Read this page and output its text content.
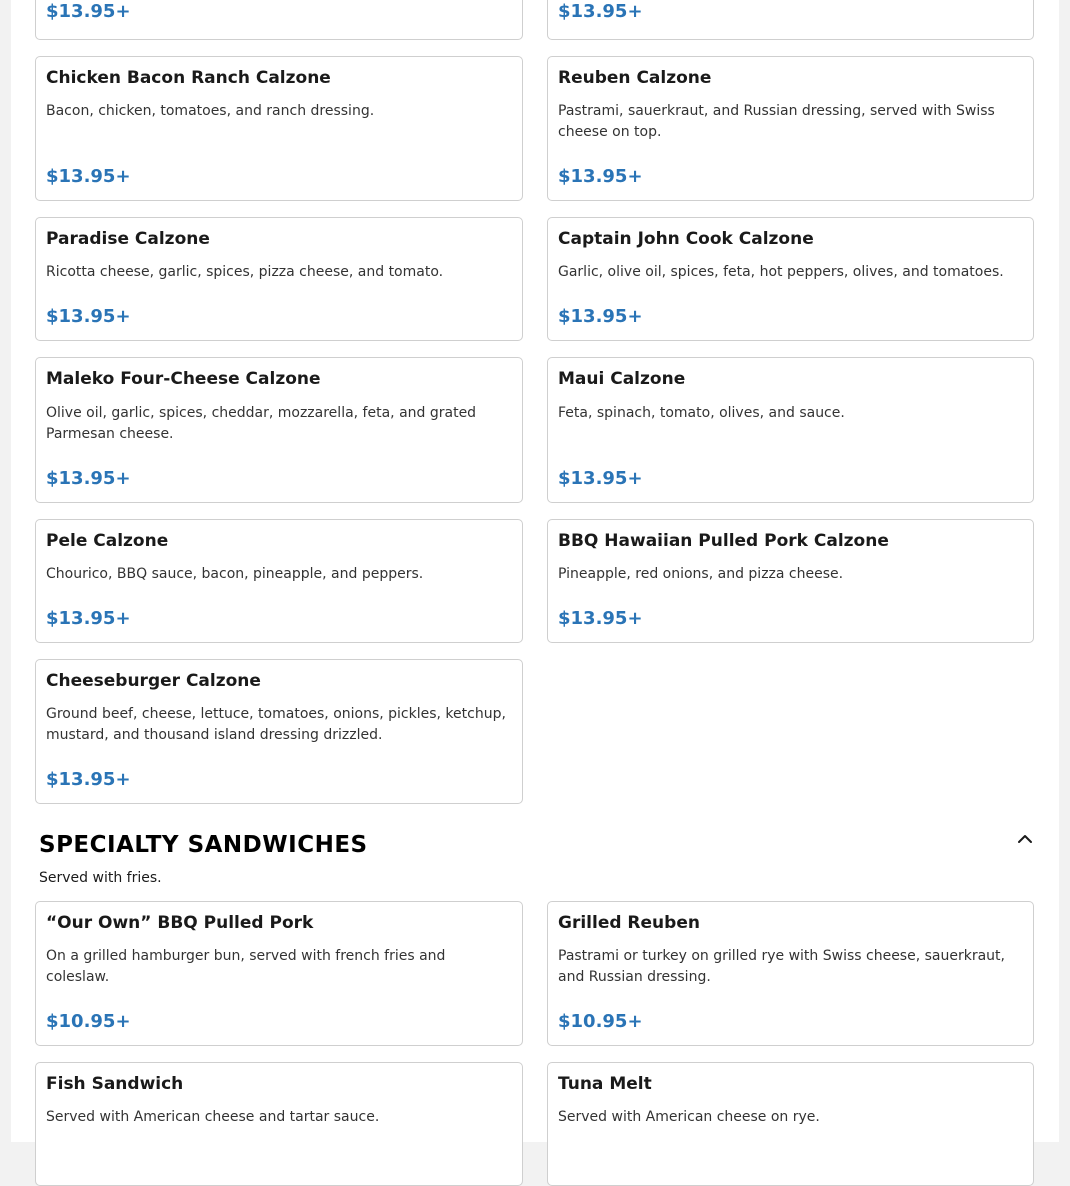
$13.95+	$13.95+
Chicken Bacon Ranch Calzone
Bacon, chicken, tomatoes, and ranch dressing.
$13.95+
Reuben Calzone
Pastrami, sauerkraut, and Russian dressing, served with Swiss cheese on top.
$13.95+
Paradise Calzone
Ricotta cheese, garlic, spices, pizza cheese, and tomato.
$13.95+
Captain John Cook Calzone
Garlic, olive oil, spices, feta, hot peppers, olives, and tomatoes.
$13.95+
Maleko Four-Cheese Calzone
Olive oil, garlic, spices, cheddar, mozzarella, feta, and grated Parmesan cheese.
$13.95+
Maui Calzone
Feta, spinach, tomato, olives, and sauce.
$13.95+
Pele Calzone
Chourico, BBQ sauce, bacon, pineapple, and peppers.
$13.95+
BBQ Hawaiian Pulled Pork Calzone
Pineapple, red onions, and pizza cheese.
$13.95+
Cheeseburger Calzone
Ground beef, cheese, lettuce, tomatoes, onions, pickles, ketchup, mustard, and thousand island dressing drizzled.
$13.95+
SPECIALTY SANDWICHES
Served with fries.
“Our Own” BBQ Pulled Pork
On a grilled hamburger bun, served with french fries and coleslaw.
$10.95+
Grilled Reuben
Pastrami or turkey on grilled rye with Swiss cheese, sauerkraut, and Russian dressing.
$10.95+
Fish Sandwich
Served with American cheese and tartar sauce.
Tuna Melt
Served with American cheese on rye.
